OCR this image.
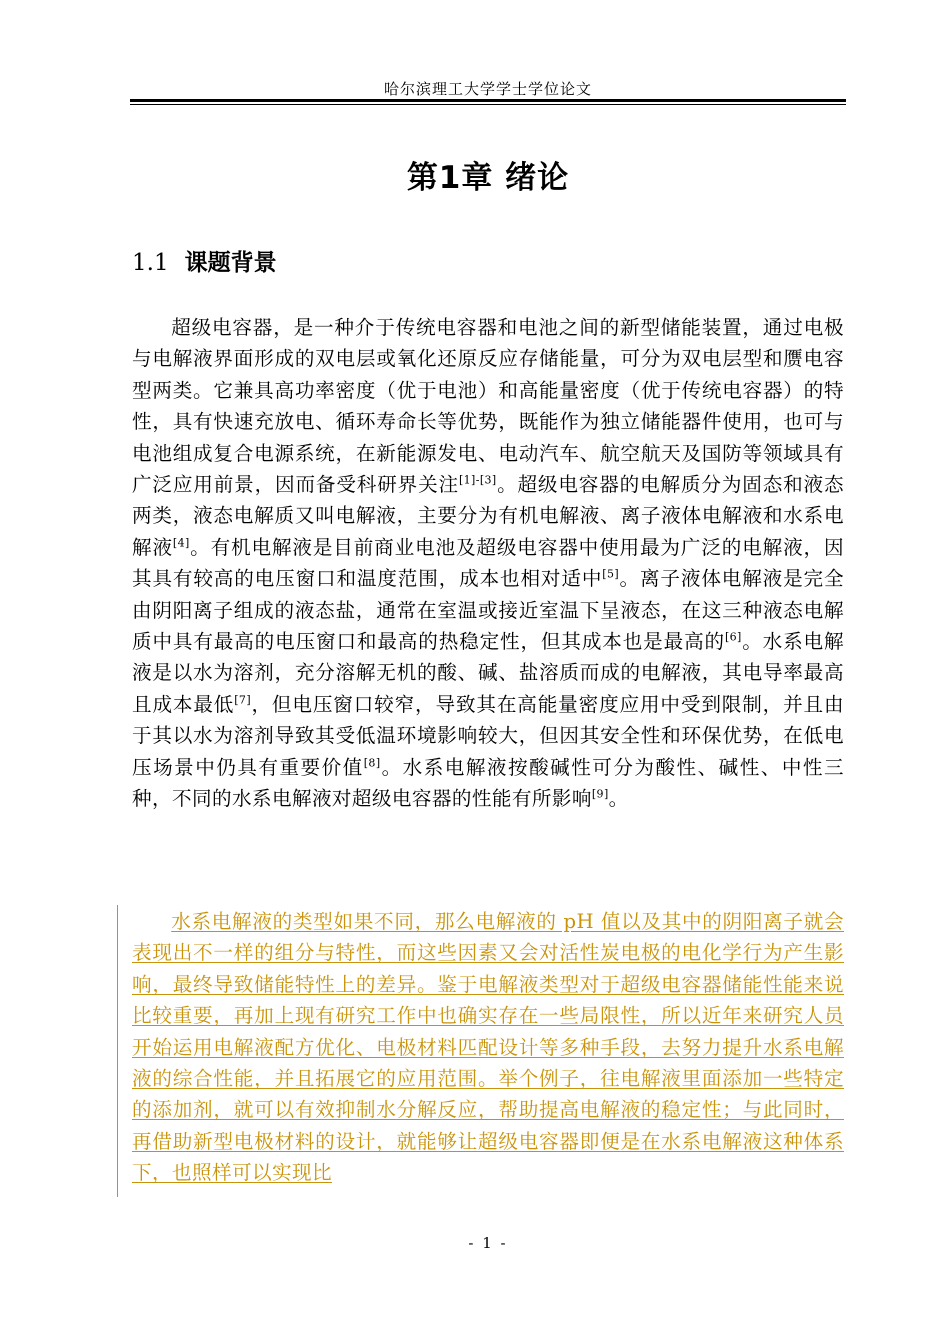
哈尔滨理工大学学士学位论文
第1章 绪论
1.1 课题背景
超级电容器，是一种介于传统电容器和电池之间的新型储能装置，通过电极与电解液界面形成的双电层或氧化还原反应存储能量，可分为双电层型和赝电容型两类。它兼具高功率密度（优于电池）和高能量密度（优于传统电容器）的特性，具有快速充放电、循环寿命长等优势，既能作为独立储能器件使用，也可与电池组成复合电源系统，在新能源发电、电动汽车、航空航天及国防等领域具有广泛应用前景，因而备受科研界关注[1]-[3]。超级电容器的电解质分为固态和液态两类，液态电解质又叫电解液，主要分为有机电解液、离子液体电解液和水系电解液[4]。有机电解液是目前商业电池及超级电容器中使用最为广泛的电解液，因其具有较高的电压窗口和温度范围，成本也相对适中[5]。离子液体电解液是完全由阴阳离子组成的液态盐，通常在室温或接近室温下呈液态，在这三种液态电解质中具有最高的电压窗口和最高的热稳定性，但其成本也是最高的[6]。水系电解液是以水为溶剂，充分溶解无机的酸、碱、盐溶质而成的电解液，其电导率最高且成本最低[7]，但电压窗口较窄，导致其在高能量密度应用中受到限制，并且由于其以水为溶剂导致其受低温环境影响较大，但因其安全性和环保优势，在低电压场景中仍具有重要价值[8]。水系电解液按酸碱性可分为酸性、碱性、中性三种，不同的水系电解液对超级电容器的性能有所影响[9]。
水系电解液的类型如果不同，那么电解液的 pH 值以及其中的阴阳离子就会表现出不一样的组分与特性，而这些因素又会对活性炭电极的电化学行为产生影响，最终导致储能特性上的差异。鉴于电解液类型对于超级电容器储能性能来说比较重要，再加上现有研究工作中也确实存在一些局限性，所以近年来研究人员开始运用电解液配方优化、电极材料匹配设计等多种手段，去努力提升水系电解液的综合性能，并且拓展它的应用范围。举个例子，往电解液里面添加一些特定的添加剂，就可以有效抑制水分解反应，帮助提高电解液的稳定性；与此同时，再借助新型电极材料的设计，就能够让超级电容器即便是在水系电解液这种体系下，也照样可以实现比
- 1 -
